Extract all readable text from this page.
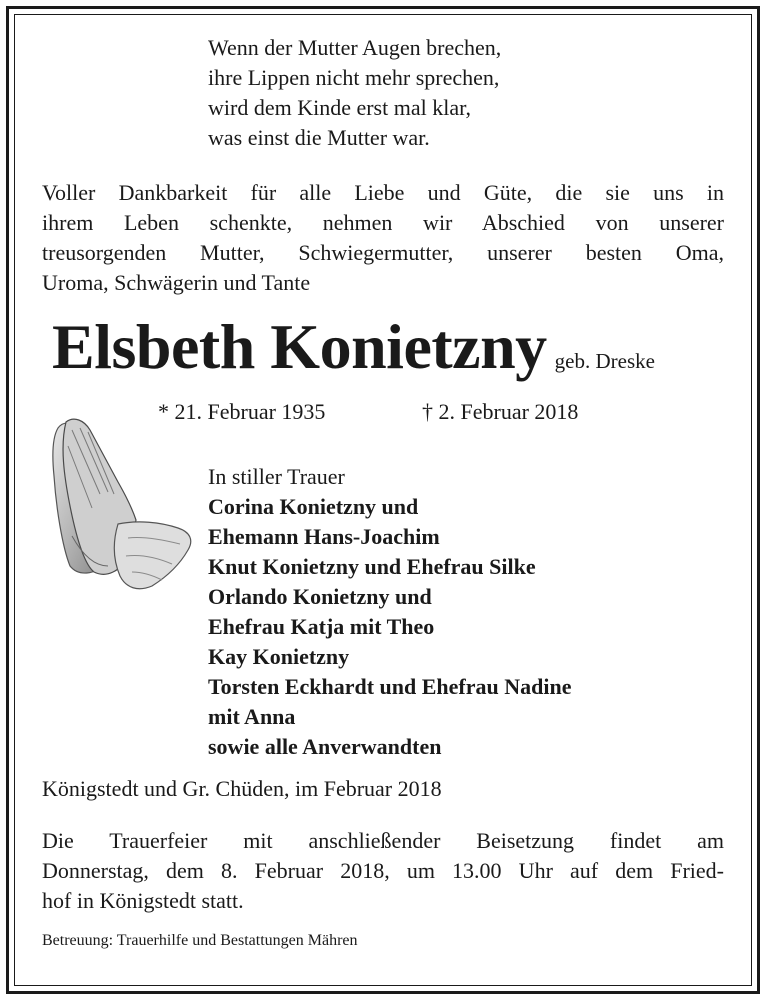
Wenn der Mutter Augen brechen,
ihre Lippen nicht mehr sprechen,
wird dem Kinde erst mal klar,
was einst die Mutter war.
Voller Dankbarkeit für alle Liebe und Güte, die sie uns in
ihrem Leben schenkte, nehmen wir Abschied von unserer
treusorgenden Mutter, Schwiegermutter, unserer besten Oma,
Uroma, Schwägerin und Tante
Elsbeth Konietzny geb. Dreske
* 21. Februar 1935	† 2. Februar 2018
In stiller Trauer
Corina Konietzny und
Ehemann Hans-Joachim
Knut Konietzny und Ehefrau Silke
Orlando Konietzny und
Ehefrau Katja mit Theo
Kay Konietzny
Torsten Eckhardt und Ehefrau Nadine
mit Anna
sowie alle Anverwandten
Königstedt und Gr. Chüden, im Februar 2018
Die Trauerfeier mit anschließender Beisetzung findet am
Donnerstag, dem 8. Februar 2018, um 13.00 Uhr auf dem Fried-
hof in Königstedt statt.
Betreuung: Trauerhilfe und Bestattungen Mähren
